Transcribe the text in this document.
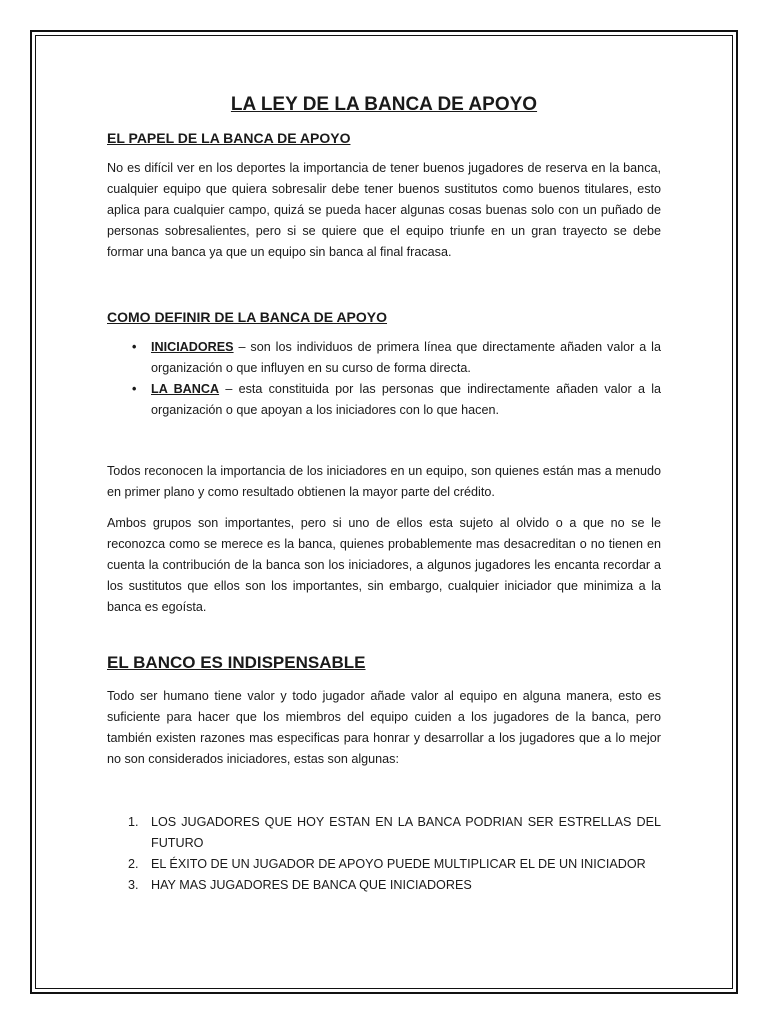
LA LEY DE LA BANCA DE APOYO
EL PAPEL DE LA BANCA DE APOYO

No es difícil ver en los deportes la importancia de tener buenos jugadores de reserva en la banca, cualquier equipo que quiera sobresalir debe tener buenos sustitutos como buenos titulares, esto aplica para cualquier campo, quizá se pueda hacer algunas cosas buenas solo con un puñado de personas sobresalientes, pero si se quiere que el equipo triunfe en un gran trayecto se debe formar una banca ya que un equipo sin banca al final fracasa.

COMO DEFINIR DE LA BANCA DE APOYO
• INICIADORES – son los individuos de primera línea que directamente añaden valor a la organización o que influyen en su curso de forma directa.
• LA BANCA – esta constituida por las personas que indirectamente añaden valor a la organización o que apoyan a los iniciadores con lo que hacen.

Todos reconocen la importancia de los iniciadores en un equipo, son quienes están mas a menudo en primer plano y como resultado obtienen la mayor parte del crédito.

Ambos grupos son importantes, pero si uno de ellos esta sujeto al olvido o a que no se le reconozca como se merece es la banca, quienes probablemente mas desacreditan o no tienen en cuenta la contribución de la banca son los iniciadores, a algunos jugadores les encanta recordar a los sustitutos que ellos son los importantes, sin embargo, cualquier iniciador que minimiza a la banca es egoísta.

EL BANCO ES INDISPENSABLE

Todo ser humano tiene valor y todo jugador añade valor al equipo en alguna manera, esto es suficiente para hacer que los miembros del equipo cuiden a los jugadores de la banca, pero también existen razones mas especificas para honrar y desarrollar a los jugadores que a lo mejor no son considerados iniciadores, estas son algunas:

1. LOS JUGADORES QUE HOY ESTAN EN LA BANCA PODRIAN SER ESTRELLAS DEL FUTURO
2. EL ÉXITO DE UN JUGADOR DE APOYO PUEDE MULTIPLICAR EL DE UN INICIADOR
3. HAY MAS JUGADORES DE BANCA QUE INICIADORES
